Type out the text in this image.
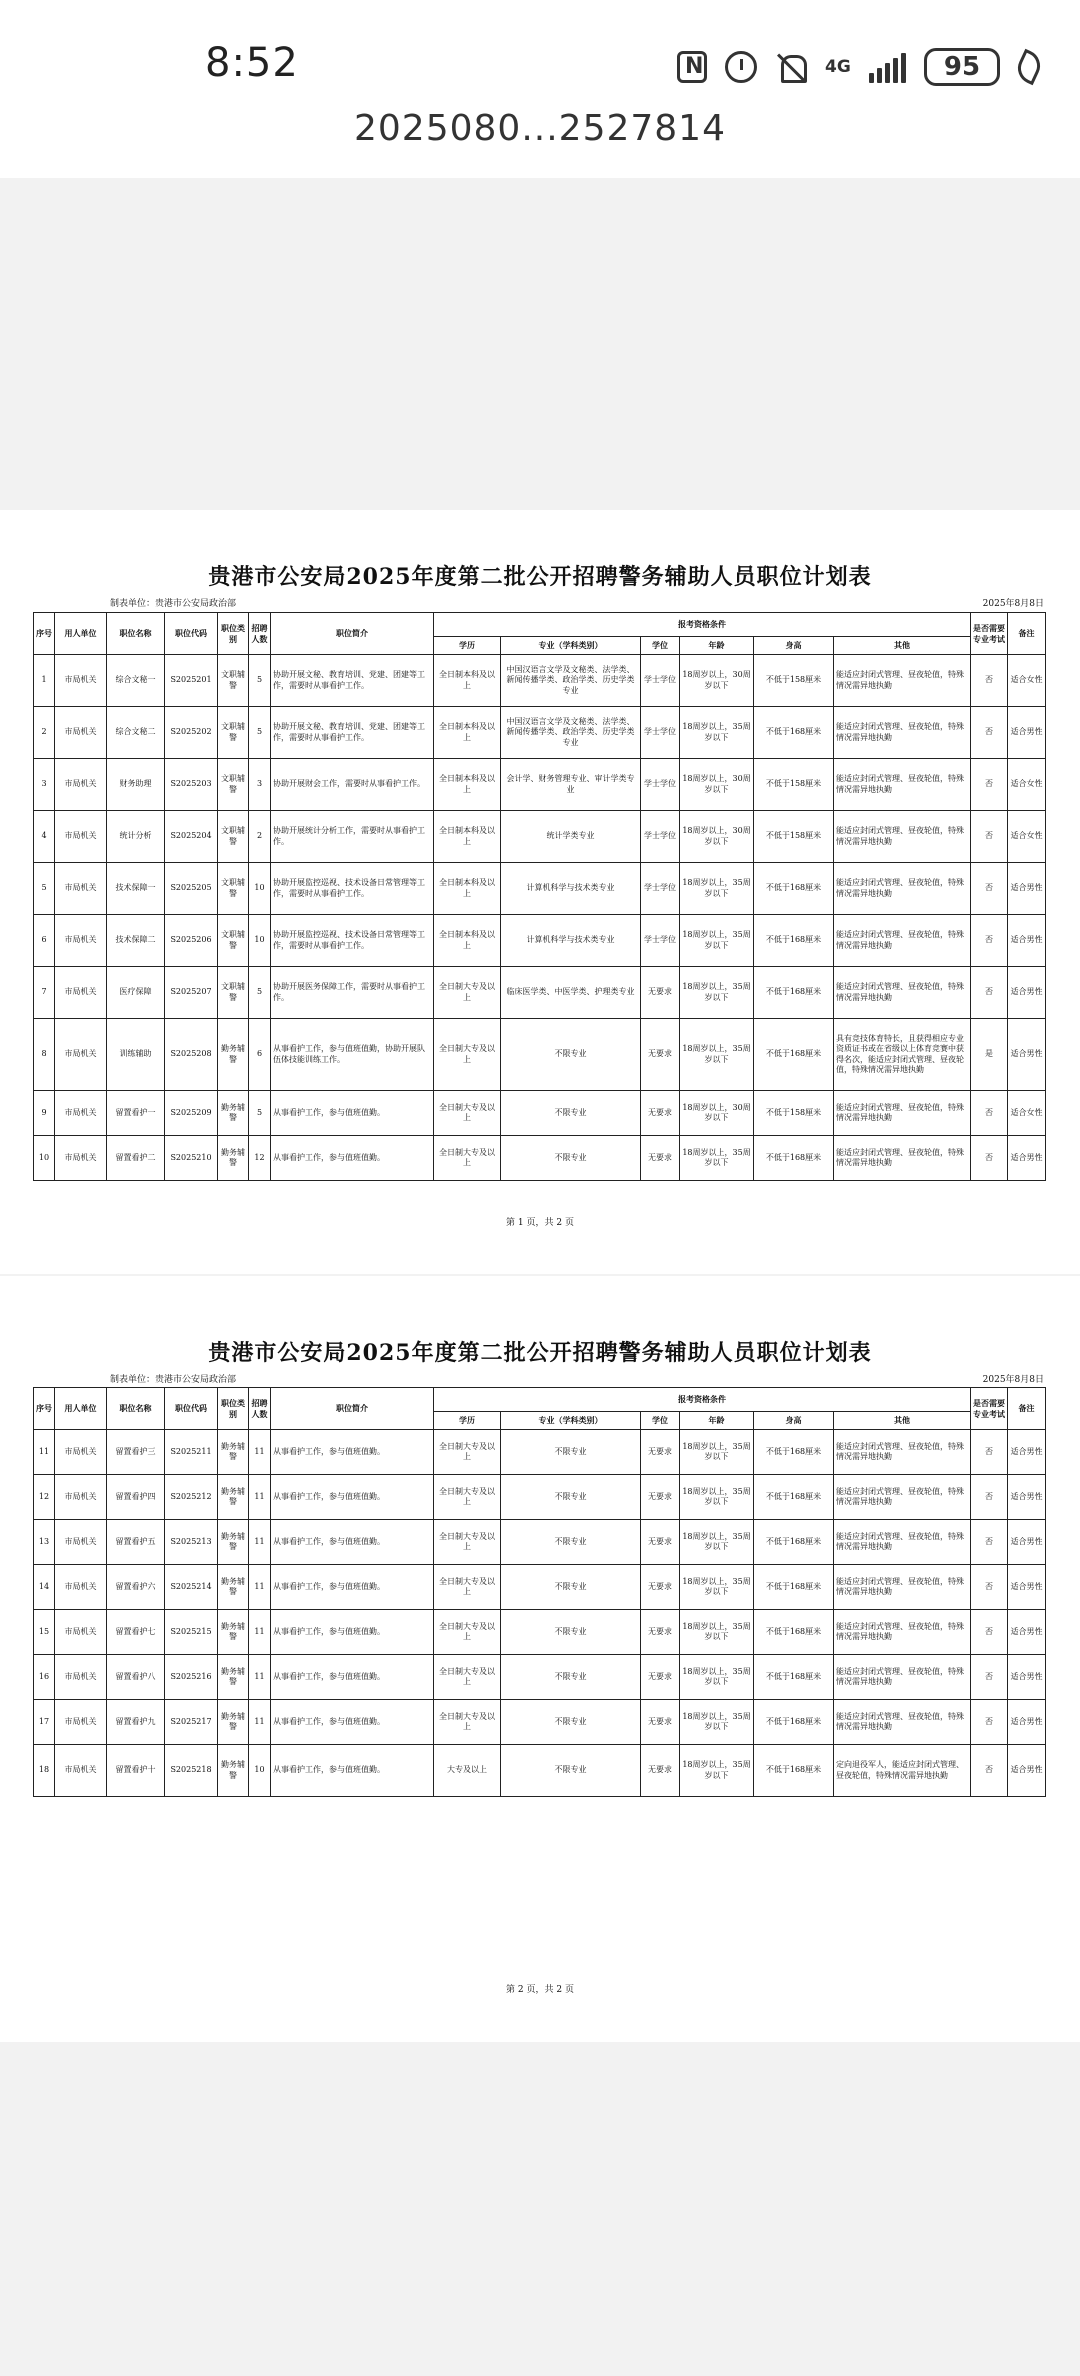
8:52 N	4G	95
2025080...2527814
贵港市公安局2025年度第二批公开招聘警务辅助人员职位计划表
制表单位：贵港市公安局政治部	2025年8月8日
序号	用人单位	职位名称	职位代码	职位类别	招聘人数	职位简介	报考资格条件						是否需要专业考试	备注
							学历	专业（学科类别）	学位	年龄	身高	其他		
1	市局机关	综合文秘一	S2025201	文职辅警	5	协助开展文秘、教育培训、党建、团建等工作，需要时从事看护工作。	全日制本科及以上	中国汉语言文学及文秘类、法学类、新闻传播学类、政治学类、历史学类专业	学士学位	18周岁以上，30周岁以下	不低于158厘米	能适应封闭式管理、昼夜轮值，特殊情况需异地执勤	否	适合女性
2	市局机关	综合文秘二	S2025202	文职辅警	5	协助开展文秘、教育培训、党建、团建等工作，需要时从事看护工作。	全日制本科及以上	中国汉语言文学及文秘类、法学类、新闻传播学类、政治学类、历史学类专业	学士学位	18周岁以上，35周岁以下	不低于168厘米	能适应封闭式管理、昼夜轮值，特殊情况需异地执勤	否	适合男性
3	市局机关	财务助理	S2025203	文职辅警	3	协助开展财会工作，需要时从事看护工作。	全日制本科及以上	会计学、财务管理专业、审计学类专业	学士学位	18周岁以上，30周岁以下	不低于158厘米	能适应封闭式管理、昼夜轮值，特殊情况需异地执勤	否	适合女性
4	市局机关	统计分析	S2025204	文职辅警	2	协助开展统计分析工作，需要时从事看护工作。	全日制本科及以上	统计学类专业	学士学位	18周岁以上，30周岁以下	不低于158厘米	能适应封闭式管理、昼夜轮值，特殊情况需异地执勤	否	适合女性
5	市局机关	技术保障一	S2025205	文职辅警	10	协助开展监控巡视、技术设备日常管理等工作，需要时从事看护工作。	全日制本科及以上	计算机科学与技术类专业	学士学位	18周岁以上，35周岁以下	不低于168厘米	能适应封闭式管理、昼夜轮值，特殊情况需异地执勤	否	适合男性
6	市局机关	技术保障二	S2025206	文职辅警	10	协助开展监控巡视、技术设备日常管理等工作，需要时从事看护工作。	全日制本科及以上	计算机科学与技术类专业	学士学位	18周岁以上，35周岁以下	不低于168厘米	能适应封闭式管理、昼夜轮值，特殊情况需异地执勤	否	适合男性
7	市局机关	医疗保障	S2025207	文职辅警	5	协助开展医务保障工作，需要时从事看护工作。	全日制大专及以上	临床医学类、中医学类、护理类专业	无要求	18周岁以上，35周岁以下	不低于168厘米	能适应封闭式管理、昼夜轮值，特殊情况需异地执勤	否	适合男性
8	市局机关	训练辅助	S2025208	勤务辅警	6	从事看护工作，参与值班值勤，协助开展队伍体技能训练工作。	全日制大专及以上	不限专业	无要求	18周岁以上，35周岁以下	不低于168厘米	具有竞技体育特长，且获得相应专业资质证书或在省级以上体育竞赛中获得名次，能适应封闭式管理、昼夜轮值，特殊情况需异地执勤	是	适合男性
9	市局机关	留置看护一	S2025209	勤务辅警	5	从事看护工作，参与值班值勤。	全日制大专及以上	不限专业	无要求	18周岁以上，30周岁以下	不低于158厘米	能适应封闭式管理、昼夜轮值，特殊情况需异地执勤	否	适合女性
10	市局机关	留置看护二	S2025210	勤务辅警	12	从事看护工作，参与值班值勤。	全日制大专及以上	不限专业	无要求	18周岁以上，35周岁以下	不低于168厘米	能适应封闭式管理、昼夜轮值，特殊情况需异地执勤	否	适合男性
第 1 页，共 2 页
贵港市公安局2025年度第二批公开招聘警务辅助人员职位计划表
制表单位：贵港市公安局政治部	2025年8月8日
序号	用人单位	职位名称	职位代码	职位类别	招聘人数	职位简介	报考资格条件						是否需要专业考试	备注
							学历	专业（学科类别）	学位	年龄	身高	其他		
11	市局机关	留置看护三	S2025211	勤务辅警	11	从事看护工作，参与值班值勤。	全日制大专及以上	不限专业	无要求	18周岁以上，35周岁以下	不低于168厘米	能适应封闭式管理、昼夜轮值，特殊情况需异地执勤	否	适合男性
12	市局机关	留置看护四	S2025212	勤务辅警	11	从事看护工作，参与值班值勤。	全日制大专及以上	不限专业	无要求	18周岁以上，35周岁以下	不低于168厘米	能适应封闭式管理、昼夜轮值，特殊情况需异地执勤	否	适合男性
13	市局机关	留置看护五	S2025213	勤务辅警	11	从事看护工作，参与值班值勤。	全日制大专及以上	不限专业	无要求	18周岁以上，35周岁以下	不低于168厘米	能适应封闭式管理、昼夜轮值，特殊情况需异地执勤	否	适合男性
14	市局机关	留置看护六	S2025214	勤务辅警	11	从事看护工作，参与值班值勤。	全日制大专及以上	不限专业	无要求	18周岁以上，35周岁以下	不低于168厘米	能适应封闭式管理、昼夜轮值，特殊情况需异地执勤	否	适合男性
15	市局机关	留置看护七	S2025215	勤务辅警	11	从事看护工作，参与值班值勤。	全日制大专及以上	不限专业	无要求	18周岁以上，35周岁以下	不低于168厘米	能适应封闭式管理、昼夜轮值，特殊情况需异地执勤	否	适合男性
16	市局机关	留置看护八	S2025216	勤务辅警	11	从事看护工作，参与值班值勤。	全日制大专及以上	不限专业	无要求	18周岁以上，35周岁以下	不低于168厘米	能适应封闭式管理、昼夜轮值，特殊情况需异地执勤	否	适合男性
17	市局机关	留置看护九	S2025217	勤务辅警	11	从事看护工作，参与值班值勤。	全日制大专及以上	不限专业	无要求	18周岁以上，35周岁以下	不低于168厘米	能适应封闭式管理、昼夜轮值，特殊情况需异地执勤	否	适合男性
18	市局机关	留置看护十	S2025218	勤务辅警	10	从事看护工作，参与值班值勤。	大专及以上	不限专业	无要求	18周岁以上，35周岁以下	不低于168厘米	定向退役军人，能适应封闭式管理、昼夜轮值，特殊情况需异地执勤	否	适合男性
第 2 页，共 2 页
